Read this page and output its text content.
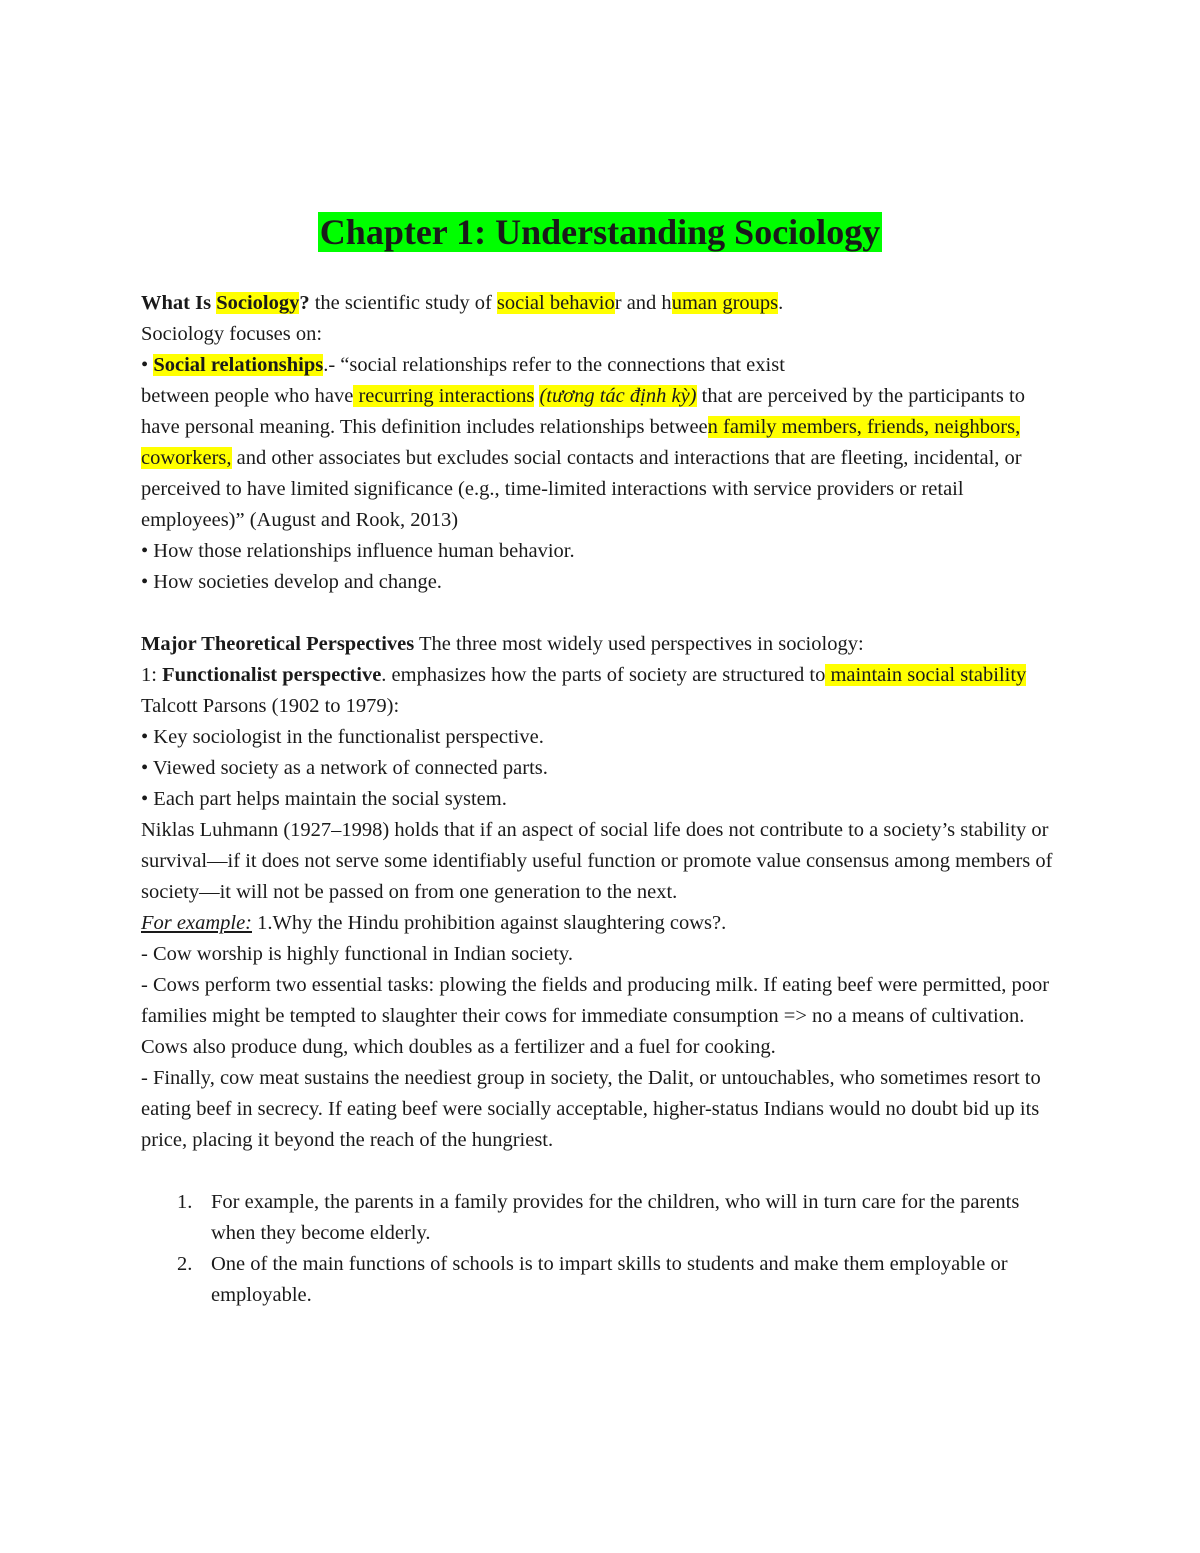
Chapter 1: Understanding Sociology

What Is Sociology? the scientific study of social behavior and human groups.

Sociology focuses on:

• Social relationships.- “social relationships refer to the connections that exist
between people who have recurring interactions (tương tác định kỳ) that are perceived by the participants to have personal meaning. This definition includes relationships between family members, friends, neighbors, coworkers, and other associates but excludes social contacts and interactions that are fleeting, incidental, or perceived to have limited significance (e.g., time-limited interactions with service providers or retail employees)” (August and Rook, 2013)

• How those relationships influence human behavior.

• How societies develop and change.

Major Theoretical Perspectives The three most widely used perspectives in sociology:

1: Functionalist perspective. emphasizes how the parts of society are structured to maintain social stability Talcott Parsons (1902 to 1979):

• Key sociologist in the functionalist perspective.

• Viewed society as a network of connected parts.

• Each part helps maintain the social system.

Niklas Luhmann (1927–1998) holds that if an aspect of social life does not contribute to a society’s stability or survival—if it does not serve some identifiably useful function or promote value consensus among members of society—it will not be passed on from one generation to the next.

For example: 1.Why the Hindu prohibition against slaughtering cows?.

- Cow worship is highly functional in Indian society.

- Cows perform two essential tasks: plowing the fields and producing milk. If eating beef were permitted, poor families might be tempted to slaughter their cows for immediate consumption => no a means of cultivation. Cows also produce dung, which doubles as a fertilizer and a fuel for cooking.

- Finally, cow meat sustains the neediest group in society, the Dalit, or untouchables, who sometimes resort to eating beef in secrecy. If eating beef were socially acceptable, higher-status Indians would no doubt bid up its price, placing it beyond the reach of the hungriest.

1. For example, the parents in a family provides for the children, who will in turn care for the parents when they become elderly.
2. One of the main functions of schools is to impart skills to students and make them employable or employable.
